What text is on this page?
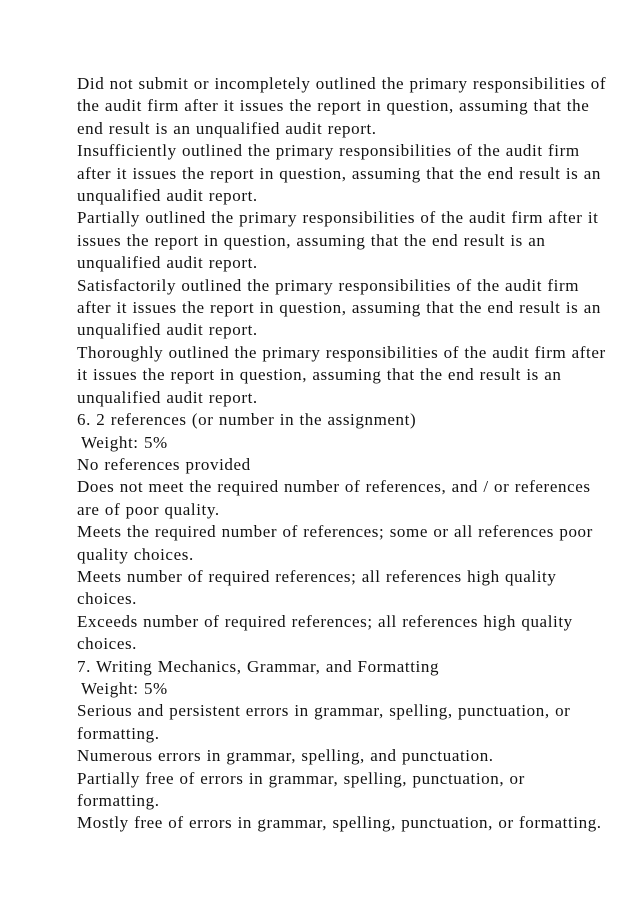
Did not submit or incompletely outlined the primary responsibilities of the audit firm after it issues the report in question, assuming that the end result is an unqualified audit report.

Insufficiently outlined the primary responsibilities of the audit firm after it issues the report in question, assuming that the end result is an unqualified audit report.

Partially outlined the primary responsibilities of the audit firm after it issues the report in question, assuming that the end result is an unqualified audit report.

Satisfactorily outlined the primary responsibilities of the audit firm after it issues the report in question, assuming that the end result is an unqualified audit report.

Thoroughly outlined the primary responsibilities of the audit firm after it issues the report in question, assuming that the end result is an unqualified audit report.

6. 2 references (or number in the assignment)

Weight: 5%

No references provided

Does not meet the required number of references, and / or references are of poor quality.

Meets the required number of references; some or all references poor quality choices.

Meets number of required references; all references high quality choices.

Exceeds number of required references; all references high quality choices.

7. Writing Mechanics, Grammar, and Formatting

Weight: 5%

Serious and persistent errors in grammar, spelling, punctuation, or formatting.

Numerous errors in grammar, spelling, and punctuation.

Partially free of errors in grammar, spelling, punctuation, or formatting.

Mostly free of errors in grammar, spelling, punctuation, or formatting.
